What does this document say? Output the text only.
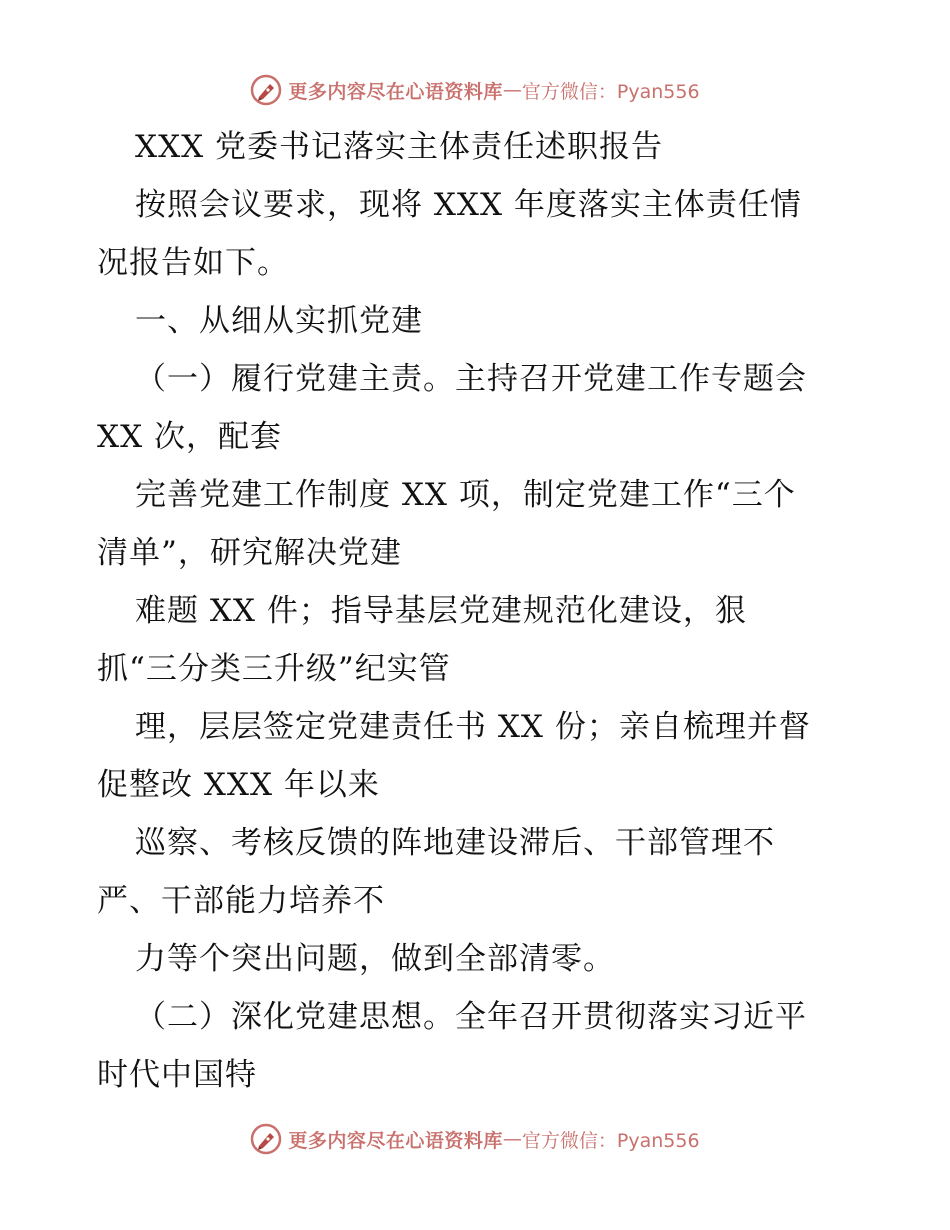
更多内容尽在心语资料库 — 官方微信：Pyan556
XXX 党委书记落实主体责任述职报告
按照会议要求，现将 XXX 年度落实主体责任情
况报告如下。
一、从细从实抓党建
（一）履行党建主责。主持召开党建工作专题会
XX 次，配套
完善党建工作制度 XX 项，制定党建工作“三个
清单”，研究解决党建
难题 XX 件；指导基层党建规范化建设，狠
抓“三分类三升级”纪实管
理，层层签定党建责任书 XX 份；亲自梳理并督
促整改 XXX 年以来
巡察、考核反馈的阵地建设滞后、干部管理不
严、干部能力培养不
力等个突出问题，做到全部清零。
（二）深化党建思想。全年召开贯彻落实习近平
时代中国特
更多内容尽在心语资料库 — 官方微信：Pyan556
